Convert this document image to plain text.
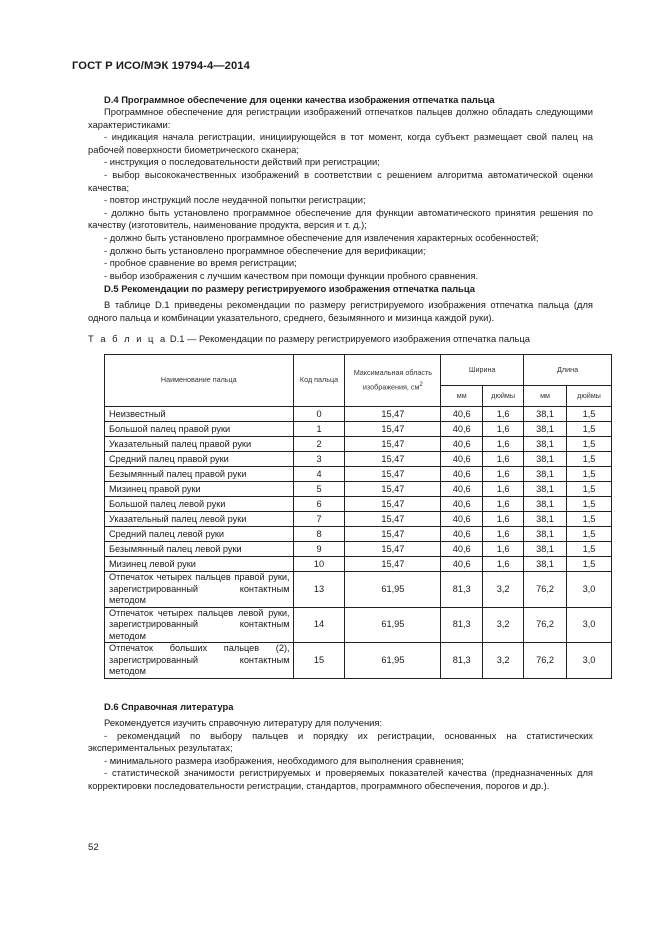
ГОСТ Р ИСО/МЭК 19794-4—2014
D.4 Программное обеспечение для оценки качества изображения отпечатка пальца

Программное обеспечение для регистрации изображений отпечатков пальцев должно обладать следующими характеристиками:

- индикация начала регистрации, инициирующейся в тот момент, когда субъект размещает свой палец на рабочей поверхности биометрического сканера;

- инструкция о последовательности действий при регистрации;

- выбор высококачественных изображений в соответствии с решением алгоритма автоматической оценки качества;

- повтор инструкций после неудачной попытки регистрации;

- должно быть установлено программное обеспечение для функции автоматического принятия решения по качеству (изготовитель, наименование продукта, версия и т. д.);

- должно быть установлено программное обеспечение для извлечения характерных особенностей;

- должно быть установлено программное обеспечение для верификации;

- пробное сравнение во время регистрации;

- выбор изображения с лучшим качеством при помощи функции пробного сравнения.

D.5 Рекомендации по размеру регистрируемого изображения отпечатка пальца

В таблице D.1 приведены рекомендации по размеру регистрируемого изображения отпечатка пальца (для одного пальца и комбинации указательного, среднего, безымянного и мизинца каждой руки).

Т а б л и ц а D.1 — Рекомендации по размеру регистрируемого изображения отпечатка пальца
Наименование пальца	Код пальца	Максимальная область изображения, $см^2$	Ширина		Длина	
			мм	дюймы	мм	дюймы
Неизвестный	0	15,47	40,6	1,6	38,1	1,5
Большой палец правой руки	1	15,47	40,6	1,6	38,1	1,5
Указательный палец правой руки	2	15,47	40,6	1,6	38,1	1,5
Средний палец правой руки	3	15,47	40,6	1,6	38,1	1,5
Безымянный палец правой руки	4	15,47	40,6	1,6	38,1	1,5
Мизинец правой руки	5	15,47	40,6	1,6	38,1	1,5
Большой палец левой руки	6	15,47	40,6	1,6	38,1	1,5
Указательный палец левой руки	7	15,47	40,6	1,6	38,1	1,5
Средний палец левой руки	8	15,47	40,6	1,6	38,1	1,5
Безымянный палец левой руки	9	15,47	40,6	1,6	38,1	1,5
Мизинец левой руки	10	15,47	40,6	1,6	38,1	1,5
Отпечаток четырех пальцев правой руки, зарегистрированный контактным методом	13	61,95	81,3	3,2	76,2	3,0
Отпечаток четырех пальцев левой руки, зарегистрированный контактным методом	14	61,95	81,3	3,2	76,2	3,0
Отпечаток больших пальцев (2), зарегистрированный контактным методом	15	61,95	81,3	3,2	76,2	3,0
D.6 Справочная литература

Рекомендуется изучить справочную литературу для получения:

- рекомендаций по выбору пальцев и порядку их регистрации, основанных на статистических экспериментальных результатах;

- минимального размера изображения, необходимого для выполнения сравнения;

- статистической значимости регистрируемых и проверяемых показателей качества (предназначенных для корректировки последовательности регистрации, стандартов, программного обеспечения, порогов и др.).

52
